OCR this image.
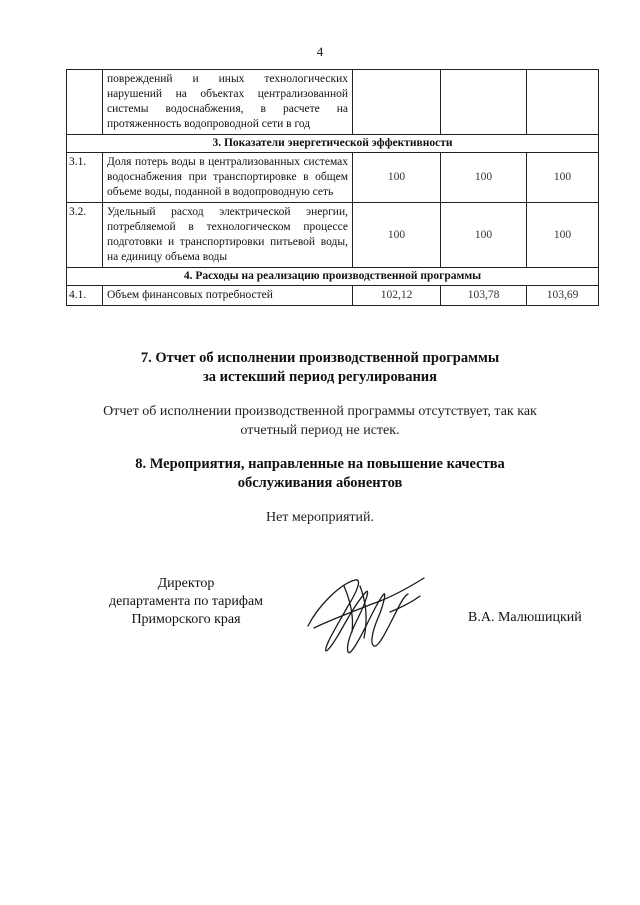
4
	повреждений и иных технологических нарушений на объектах централизованной системы водоснабжения, в расчете на протяженность водопроводной сети в год			
3. Показатели энергетической эффективности				
3.1.	Доля потерь воды в централизованных системах водоснабжения при транспортировке в общем объеме воды, поданной в водопроводную сеть	100	100	100
3.2.	Удельный расход электрической энергии, потребляемой в технологическом процессе подготовки и транспортировки питьевой воды, на единицу объема воды	100	100	100
4. Расходы на реализацию производственной программы				
4.1.	Объем финансовых потребностей	102,12	103,78	103,69
7. Отчет об исполнении производственной программы
за истекший период регулирования

Отчет об исполнении производственной программы отсутствует, так как

отчетный период не истек.

8. Мероприятия, направленные на повышение качества
обслуживания абонентов

Нет мероприятий.

Директор
департамента по тарифам
Приморского края	В.А. Малюшицкий
